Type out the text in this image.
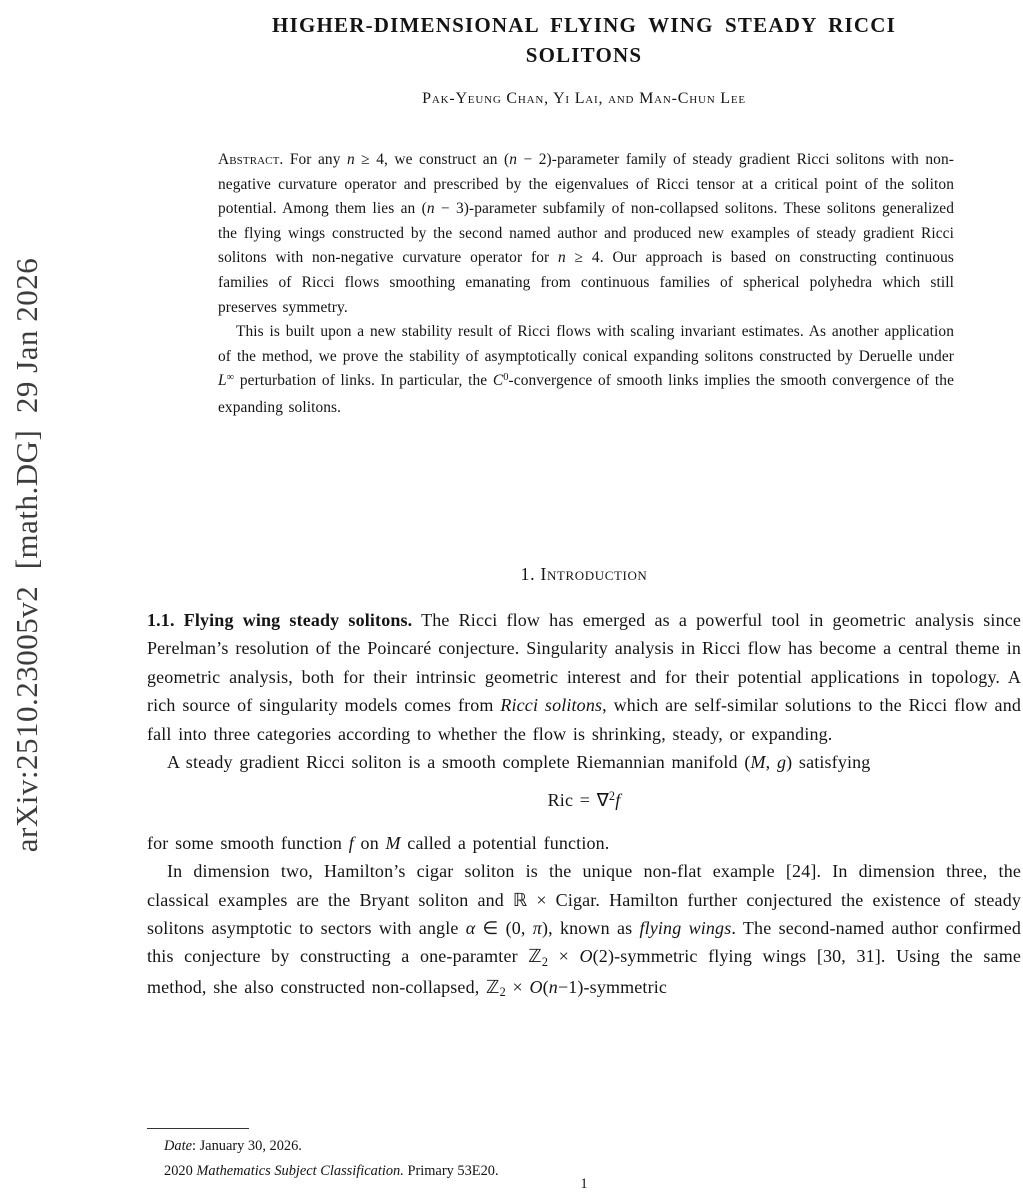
arXiv:2510.23005v2  [math.DG]  29 Jan 2026
HIGHER-DIMENSIONAL FLYING WING STEADY RICCI
SOLITONS
Pak-Yeung Chan, Yi Lai, and Man-Chun Lee

Abstract. For any n ≥ 4, we construct an (n − 2)-parameter family of steady gradient Ricci solitons with non-negative curvature operator and prescribed by the eigenvalues of Ricci tensor at a critical point of the soliton potential. Among them lies an (n − 3)-parameter subfamily of non-collapsed solitons. These solitons generalized the flying wings constructed by the second named author and produced new examples of steady gradient Ricci solitons with non-negative curvature operator for n ≥ 4. Our approach is based on constructing continuous families of Ricci flows smoothing emanating from continuous families of spherical polyhedra which still preserves symmetry.

This is built upon a new stability result of Ricci flows with scaling invariant estimates. As another application of the method, we prove the stability of asymptotically conical expanding solitons constructed by Deruelle under L∞ perturbation of links. In particular, the $C^0$-convergence of smooth links implies the smooth convergence of the expanding solitons.

1. Introduction

1.1. Flying wing steady solitons. The Ricci flow has emerged as a powerful tool in geometric analysis since Perelman’s resolution of the Poincaré conjecture. Singularity analysis in Ricci flow has become a central theme in geometric analysis, both for their intrinsic geometric interest and for their potential applications in topology. A rich source of singularity models comes from Ricci solitons, which are self-similar solutions to the Ricci flow and fall into three categories according to whether the flow is shrinking, steady, or expanding.

A steady gradient Ricci soliton is a smooth complete Riemannian manifold (M, g) satisfying

Ric = ∇$^2$f

for some smooth function f on M called a potential function.

In dimension two, Hamilton’s cigar soliton is the unique non-flat example [24]. In dimension three, the classical examples are the Bryant soliton and ℝ × Cigar. Hamilton further conjectured the existence of steady solitons asymptotic to sectors with angle α ∈ (0, π), known as flying wings. The second-named author confirmed this conjecture by constructing a one-paramter ℤ2 × O(2)-symmetric flying wings [30, 31]. Using the same method, she also constructed non-collapsed, ℤ2 × O(n−1)-symmetric

Date: January 30, 2026.

2020 Mathematics Subject Classification. Primary 53E20.

1
